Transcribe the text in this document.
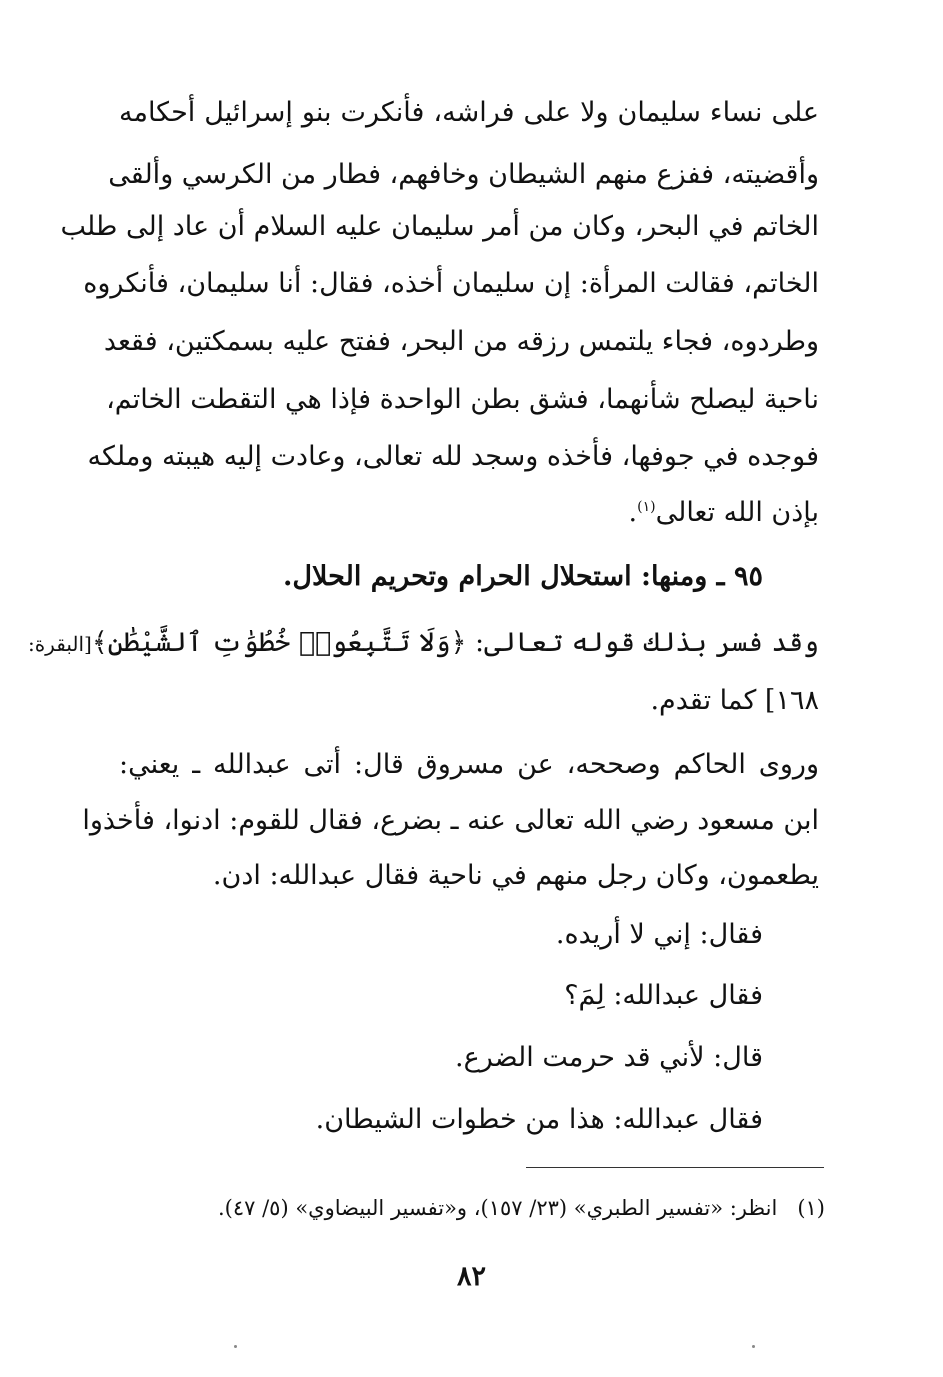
على نساء سليمان ولا على فراشه، فأنكرت بنو إسرائيل أحكامه
وأقضيته، ففزع منهم الشيطان وخافهم، فطار من الكرسي وألقى
الخاتم في البحر، وكان من أمر سليمان عليه السلام أن عاد إلى طلب
الخاتم، فقالت المرأة: إن سليمان أخذه، فقال: أنا سليمان، فأنكروه
وطردوه، فجاء يلتمس رزقه من البحر، ففتح عليه بسمكتين، فقعد
ناحية ليصلح شأنهما، فشق بطن الواحدة فإذا هي التقطت الخاتم،
فوجده في جوفها، فأخذه وسجد لله تعالى، وعادت إليه هيبته وملكه
بإذن الله تعالى$^{(١)}$.
٩٥ ـ ومنها: استحلال الحرام وتحريم الحلال.
وقد فسر بذلك قوله تعالى: ﴿وَلَا تَتَّبِعُوا۟ خُطُوَٰتِ ٱلشَّيْطَٰنِ﴾[البقرة:
١٦٨] كما تقدم.
وروى الحاكم وصححه، عن مسروق قال: أتى عبدالله ـ يعني:
ابن مسعود رضي الله تعالى عنه ـ بضرع، فقال للقوم: ادنوا، فأخذوا
يطعمون، وكان رجل منهم في ناحية فقال عبدالله: ادن.
فقال: إني لا أريده.
فقال عبدالله: لِمَ؟
قال: لأني قد حرمت الضرع.
فقال عبدالله: هذا من خطوات الشيطان.
(١)انظر: «تفسير الطبري» (٢٣/ ١٥٧)، و«تفسير البيضاوي» (٥/ ٤٧).
٨٢
